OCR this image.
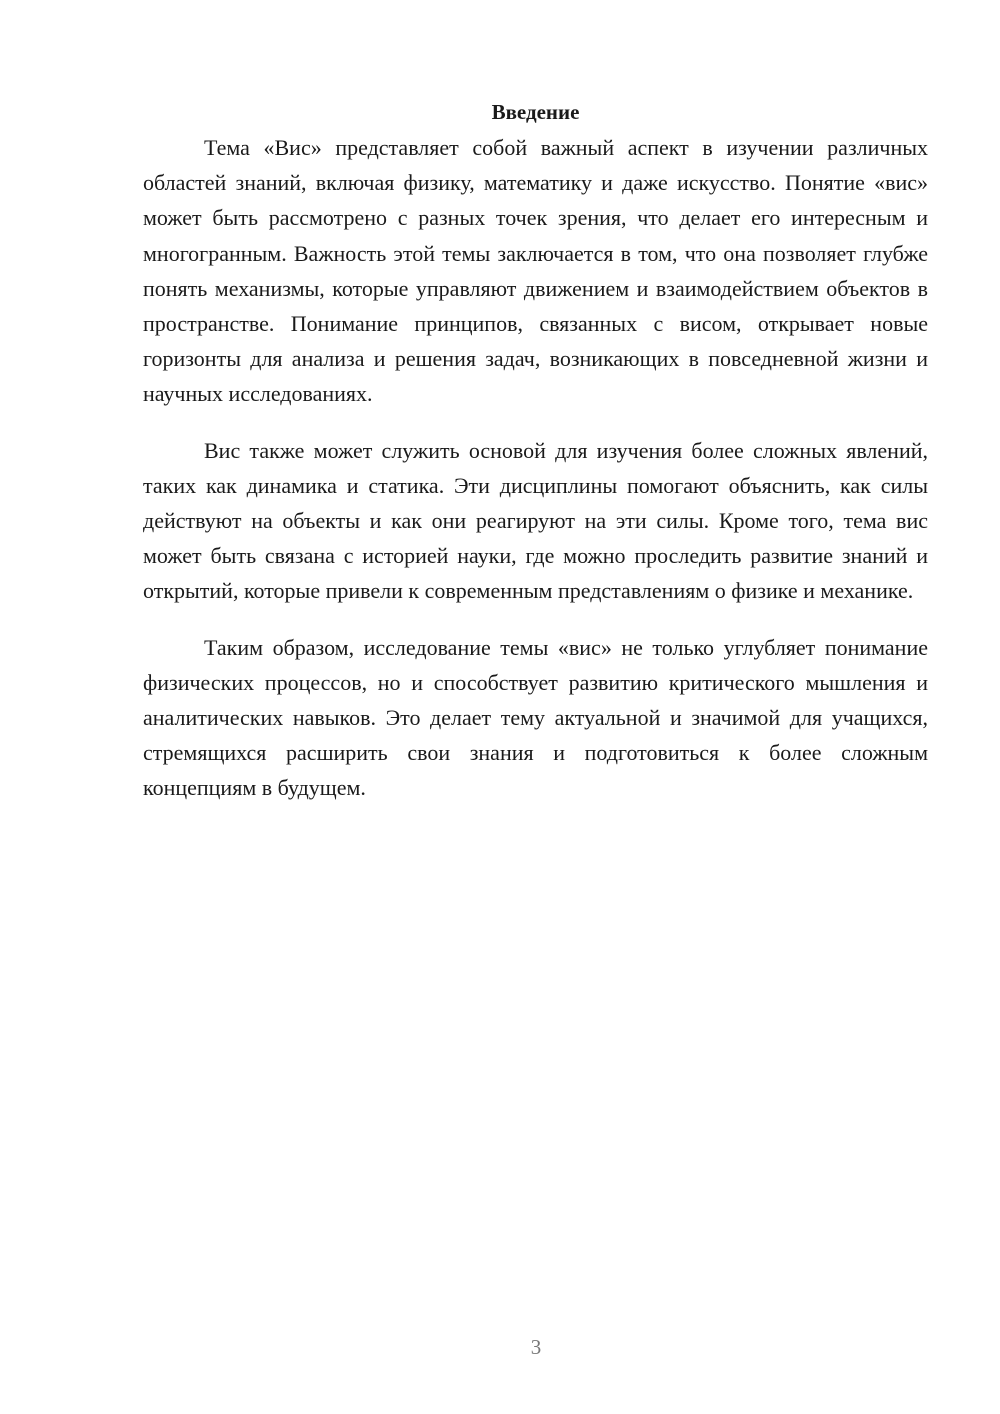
Введение

Тема «Вис» представляет собой важный аспект в изучении различных областей знаний, включая физику, математику и даже искусство. Понятие «вис» может быть рассмотрено с разных точек зрения, что делает его интересным и многогранным. Важность этой темы заключается в том, что она позволяет глубже понять механизмы, которые управляют движением и взаимодействием объектов в пространстве. Понимание принципов, связанных с висом, открывает новые горизонты для анализа и решения задач, возникающих в повседневной жизни и научных исследованиях.

Вис также может служить основой для изучения более сложных явлений, таких как динамика и статика. Эти дисциплины помогают объяснить, как силы действуют на объекты и как они реагируют на эти силы. Кроме того, тема вис может быть связана с историей науки, где можно проследить развитие знаний и открытий, которые привели к современным представлениям о физике и механике.

Таким образом, исследование темы «вис» не только углубляет понимание физических процессов, но и способствует развитию критического мышления и аналитических навыков. Это делает тему актуальной и значимой для учащихся, стремящихся расширить свои знания и подготовиться к более сложным концепциям в будущем.

3
